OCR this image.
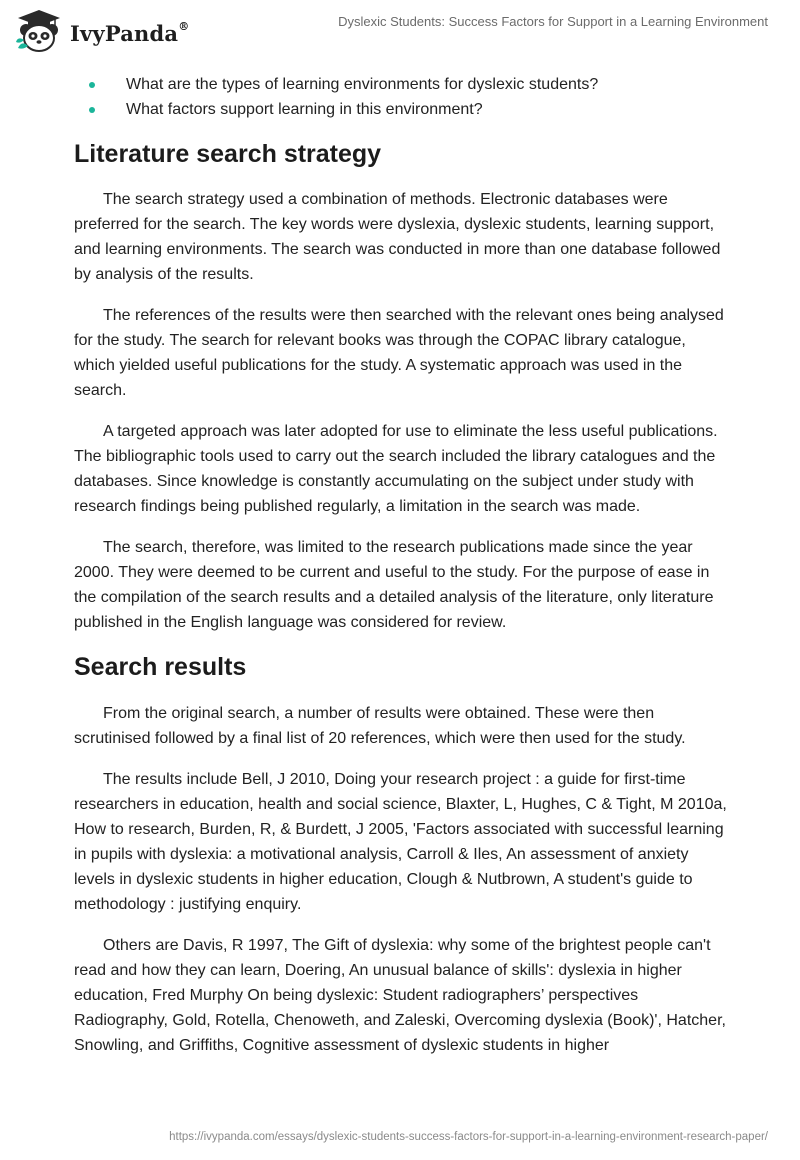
IvyPanda®	Dyslexic Students: Success Factors for Support in a Learning Environment
What are the types of learning environments for dyslexic students?
What factors support learning in this environment?
Literature search strategy

The search strategy used a combination of methods. Electronic databases were preferred for the search. The key words were dyslexia, dyslexic students, learning support, and learning environments. The search was conducted in more than one database followed by analysis of the results.

The references of the results were then searched with the relevant ones being analysed for the study. The search for relevant books was through the COPAC library catalogue, which yielded useful publications for the study. A systematic approach was used in the search.

A targeted approach was later adopted for use to eliminate the less useful publications. The bibliographic tools used to carry out the search included the library catalogues and the databases. Since knowledge is constantly accumulating on the subject under study with research findings being published regularly, a limitation in the search was made.

The search, therefore, was limited to the research publications made since the year 2000. They were deemed to be current and useful to the study. For the purpose of ease in the compilation of the search results and a detailed analysis of the literature, only literature published in the English language was considered for review.

Search results

From the original search, a number of results were obtained. These were then scrutinised followed by a final list of 20 references, which were then used for the study.

The results include Bell, J 2010, Doing your research project : a guide for first-time researchers in education, health and social science, Blaxter, L, Hughes, C & Tight, M 2010a, How to research, Burden, R, & Burdett, J 2005, 'Factors associated with successful learning in pupils with dyslexia: a motivational analysis, Carroll & Iles, An assessment of anxiety levels in dyslexic students in higher education, Clough & Nutbrown, A student's guide to methodology : justifying enquiry.

Others are Davis, R 1997, The Gift of dyslexia: why some of the brightest people can't read and how they can learn, Doering, An unusual balance of skills': dyslexia in higher education, Fred Murphy On being dyslexic: Student radiographers’ perspectives Radiography, Gold, Rotella, Chenoweth, and Zaleski, Overcoming dyslexia (Book)', Hatcher, Snowling, and Griffiths, Cognitive assessment of dyslexic students in higher

https://ivypanda.com/essays/dyslexic-students-success-factors-for-support-in-a-learning-environment-research-paper/
